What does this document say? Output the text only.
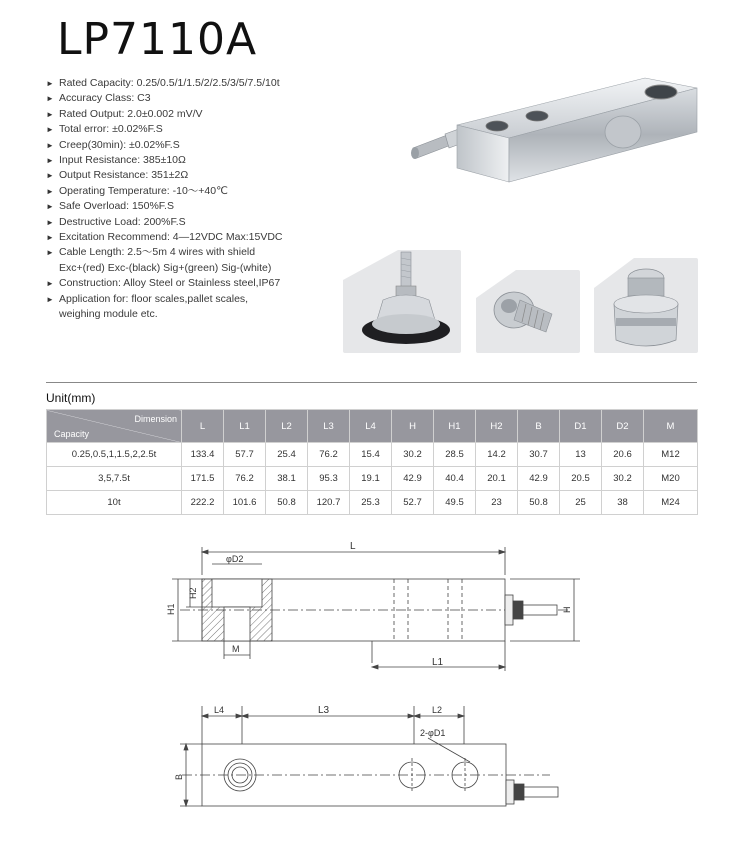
LP7110A
► Rated Capacity: 0.25/0.5/1/1.5/2/2.5/3/5/7.5/10t
► Accuracy Class: C3
► Rated Output: 2.0±0.002 mV/V
► Total error: ±0.02%F.S
► Creep(30min): ±0.02%F.S
► Input Resistance: 385±10Ω
► Output Resistance: 351±2Ω
► Operating Temperature: -10～+40℃
► Safe Overload: 150%F.S
► Destructive Load: 200%F.S
► Excitation Recommend: 4—12VDC Max:15VDC
► Cable Length: 2.5～5m 4 wires with shield
Exc+(red) Exc-(black) Sig+(green) Sig-(white)
► Construction: Alloy Steel or Stainless steel,IP67
► Application for: floor scales,pallet scales,
weighing module etc.
Unit(mm)
Dimension
Capacity	L	L1	L2	L3	L4	H	H1	H2	B	D1	D2	M
0.25,0.5,1,1.5,2,2.5t	133.4	57.7	25.4	76.2	15.4	30.2	28.5	14.2	30.7	13	20.6	M12
3,5,7.5t	171.5	76.2	38.1	95.3	19.1	42.9	40.4	20.1	42.9	20.5	30.2	M20
10t	222.2	101.6	50.8	120.7	25.3	52.7	49.5	23	50.8	25	38	M24
L
φD2
H2
H1	H
M
L1
L4	L3	L2
2-φD1
B
